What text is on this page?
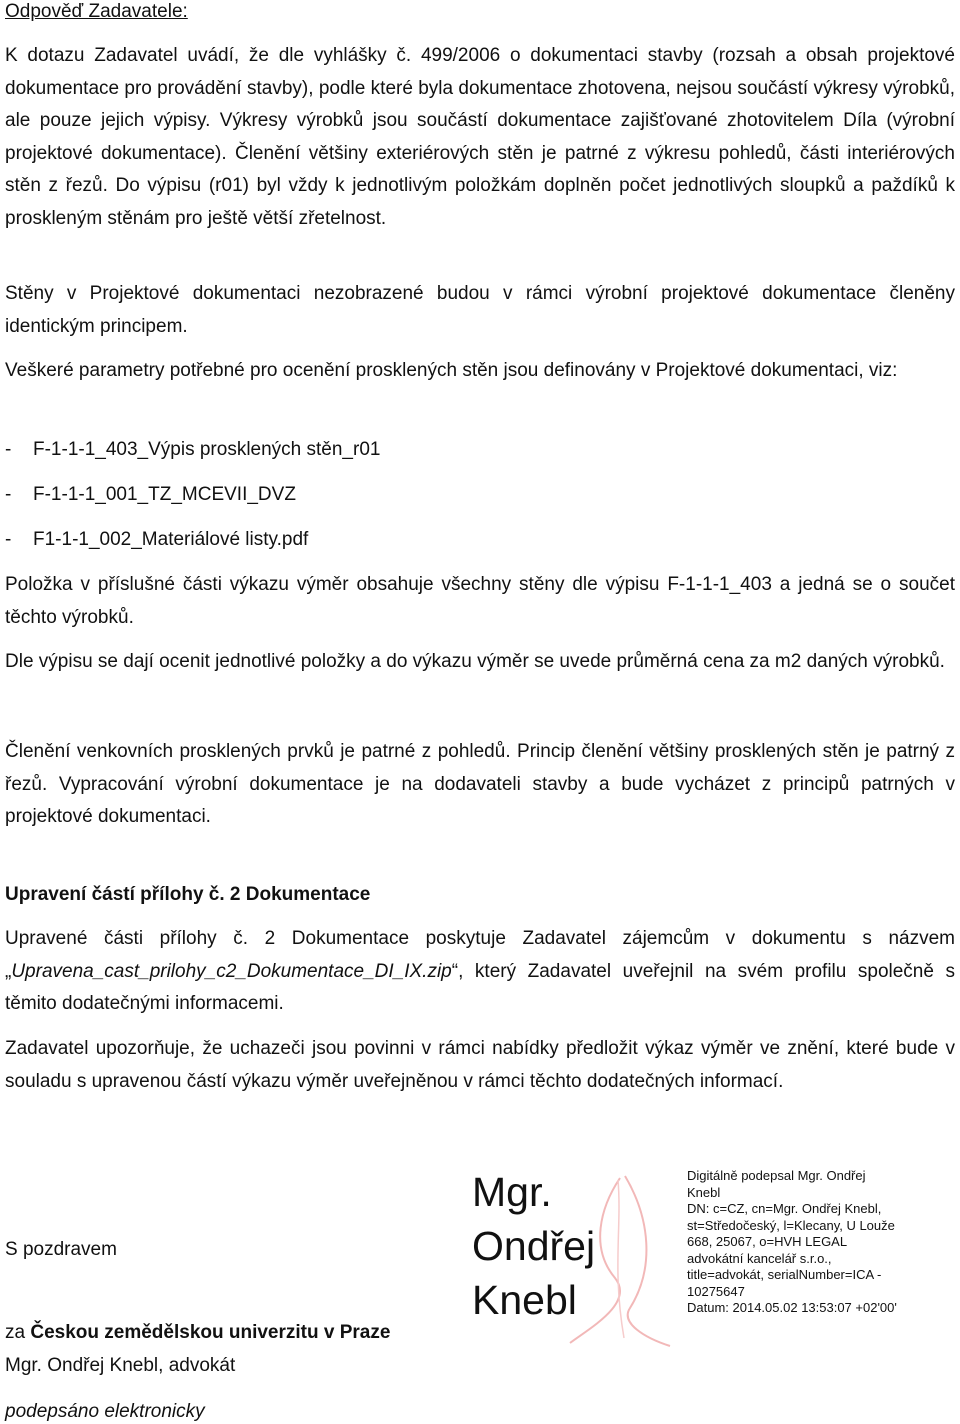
Odpověď Zadavatele:

K dotazu Zadavatel uvádí, že dle vyhlášky č. 499/2006 o dokumentaci stavby (rozsah a obsah projektové dokumentace pro provádění stavby), podle které byla dokumentace zhotovena, nejsou součástí výkresy výrobků, ale pouze jejich výpisy. Výkresy výrobků jsou součástí dokumentace zajišťované zhotovitelem Díla (výrobní projektové dokumentace). Členění většiny exteriérových stěn je patrné z výkresu pohledů, části interiérových stěn z řezů. Do výpisu (r01) byl vždy k jednotlivým položkám doplněn počet jednotlivých sloupků a paždíků k proskleným stěnám pro ještě větší zřetelnost.

Stěny v Projektové dokumentaci nezobrazené budou v rámci výrobní projektové dokumentace členěny identickým principem.

Veškeré parametry potřebné pro ocenění prosklených stěn jsou definovány v Projektové dokumentaci, viz:

- F-1-1-1_403_Výpis prosklených stěn_r01
- F-1-1-1_001_TZ_MCEVII_DVZ
- F1-1-1_002_Materiálové listy.pdf

Položka v příslušné části výkazu výměr obsahuje všechny stěny dle výpisu F-1-1-1_403 a jedná se o součet těchto výrobků.

Dle výpisu se dají ocenit jednotlivé položky a do výkazu výměr se uvede průměrná cena za m2 daných výrobků.

Členění venkovních prosklených prvků je patrné z pohledů. Princip členění většiny prosklených stěn je patrný z řezů. Vypracování výrobní dokumentace je na dodavateli stavby a bude vycházet z principů patrných v projektové dokumentaci.

Upravení částí přílohy č. 2 Dokumentace

Upravené části přílohy č. 2 Dokumentace poskytuje Zadavatel zájemcům v dokumentu s názvem „Upravena_cast_prilohy_c2_Dokumentace_DI_IX.zip“, který Zadavatel uveřejnil na svém profilu společně s těmito dodatečnými informacemi.

Zadavatel upozorňuje, že uchazeči jsou povinni v rámci nabídky předložit výkaz výměr ve znění, které bude v souladu s upravenou částí výkazu výměr uveřejněnou v rámci těchto dodatečných informací.

S pozdravem
za Českou zemědělskou univerzitu v Praze
Mgr. Ondřej Knebl, advokát
podepsáno elektronicky
Mgr.
Ondřej
Knebl
Digitálně podepsal Mgr. Ondřej
Knebl
DN: c=CZ, cn=Mgr. Ondřej Knebl,
st=Středočeský, l=Klecany, U Louže
668, 25067, o=HVH LEGAL
advokátní kancelář s.r.o.,
title=advokát, serialNumber=ICA -
10275647
Datum: 2014.05.02 13:53:07 +02'00'
